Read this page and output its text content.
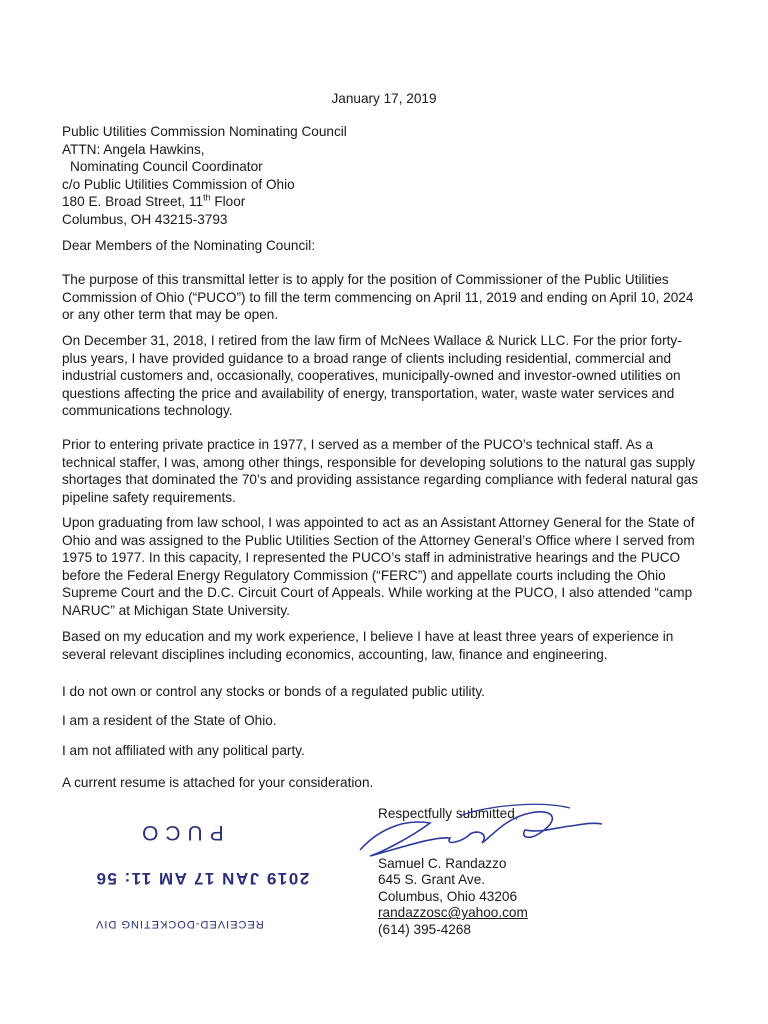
January 17, 2019
Public Utilities Commission Nominating Council
ATTN: Angela Hawkins,
Nominating Council Coordinator
c/o Public Utilities Commission of Ohio
180 E. Broad Street, 11th Floor
Columbus, OH 43215-3793
Dear Members of the Nominating Council:

The purpose of this transmittal letter is to apply for the position of Commissioner of the Public Utilities Commission of Ohio (“PUCO”) to fill the term commencing on April 11, 2019 and ending on April 10, 2024 or any other term that may be open.

On December 31, 2018, I retired from the law firm of McNees Wallace & Nurick LLC. For the prior forty-plus years, I have provided guidance to a broad range of clients including residential, commercial and industrial customers and, occasionally, cooperatives, municipally-owned and investor-owned utilities on questions affecting the price and availability of energy, transportation, water, waste water services and communications technology.

Prior to entering private practice in 1977, I served as a member of the PUCO’s technical staff. As a technical staffer, I was, among other things, responsible for developing solutions to the natural gas supply shortages that dominated the 70’s and providing assistance regarding compliance with federal natural gas pipeline safety requirements.

Upon graduating from law school, I was appointed to act as an Assistant Attorney General for the State of Ohio and was assigned to the Public Utilities Section of the Attorney General’s Office where I served from 1975 to 1977. In this capacity, I represented the PUCO’s staff in administrative hearings and the PUCO before the Federal Energy Regulatory Commission (“FERC”) and appellate courts including the Ohio Supreme Court and the D.C. Circuit Court of Appeals. While working at the PUCO, I also attended “camp NARUC” at Michigan State University.

Based on my education and my work experience, I believe I have at least three years of experience in several relevant disciplines including economics, accounting, law, finance and engineering.

I do not own or control any stocks or bonds of a regulated public utility.

I am a resident of the State of Ohio.

I am not affiliated with any political party.

A current resume is attached for your consideration.

Respectfully submitted,
Samuel C. Randazzo
645 S. Grant Ave.
Columbus, Ohio 43206
randazzosc@yahoo.com
(614) 395-4268
PUCO
2019 JAN 17 AM 11: 56
RECEIVED-DOCKETING DIV
